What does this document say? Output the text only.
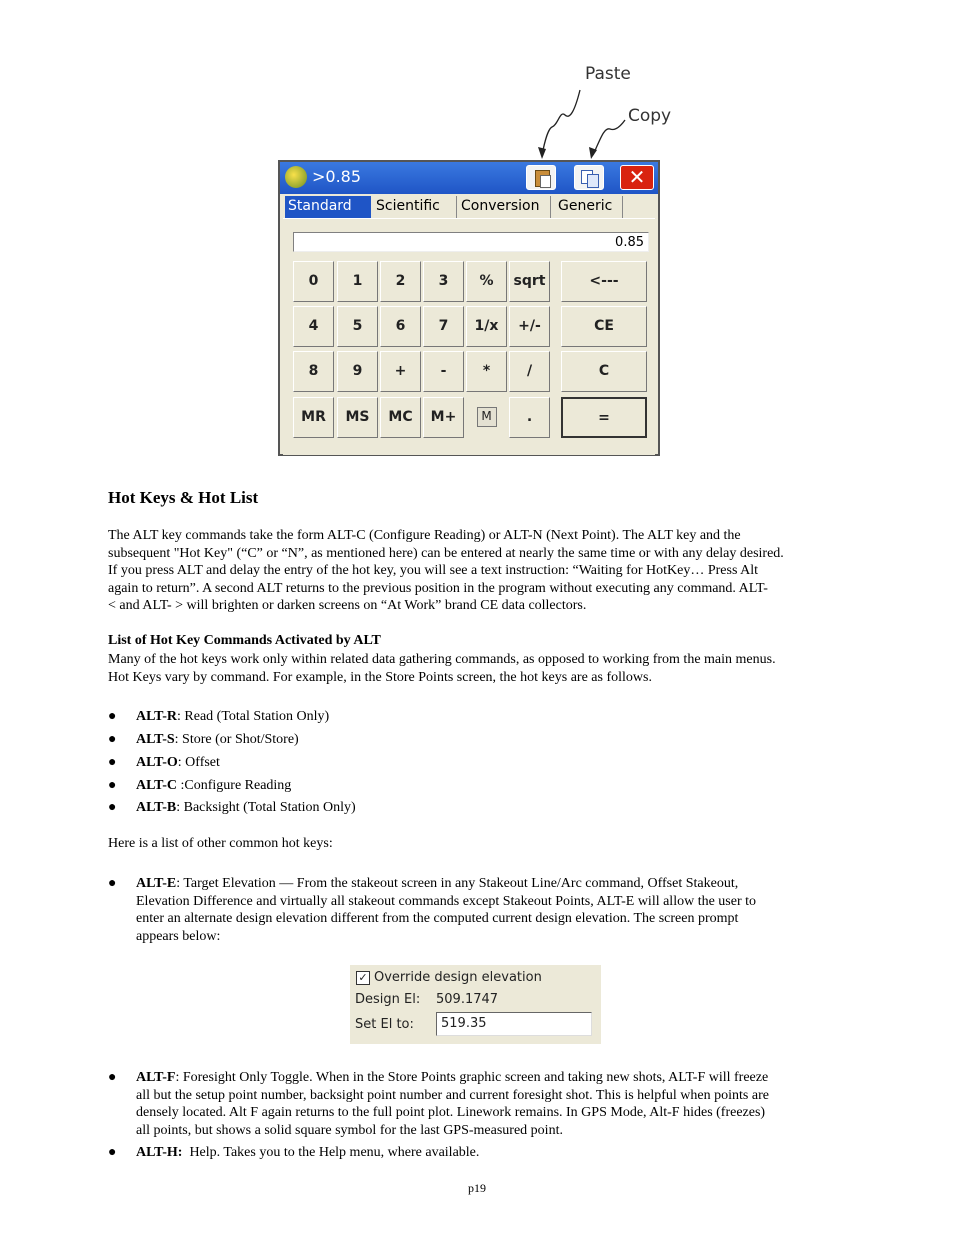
Paste
Copy
>0.85	✕
Standard	Scientific	Conversion	Generic
0.85
0	1	2	3	%	sqrt	<---
4	5	6	7	1/x	+/-	CE
8	9	+	-	*	/	C
MR	MS	MC	M+	M	.	=
Hot Keys & Hot List
The ALT key commands take the form ALT-C (Configure Reading) or ALT-N (Next Point). The ALT key and the
subsequent "Hot Key" (“C” or “N”, as mentioned here) can be entered at nearly the same time or with any delay desired.
If you press ALT and delay the entry of the hot key, you will see a text instruction: “Waiting for HotKey… Press Alt
again to return”. A second ALT returns to the previous position in the program without executing any command. ALT-
< and ALT- > will brighten or darken screens on “At Work” brand CE data collectors.
List of Hot Key Commands Activated by ALT
Many of the hot keys work only within related data gathering commands, as opposed to working from the main menus.
Hot Keys vary by command. For example, in the Store Points screen, the hot keys are as follows.
● ALT-R: Read (Total Station Only)
● ALT-S: Store (or Shot/Store)
● ALT-O: Offset
● ALT-C :Configure Reading
● ALT-B: Backsight (Total Station Only)
Here is a list of other common hot keys:
● ALT-E: Target Elevation — From the stakeout screen in any Stakeout Line/Arc command, Offset Stakeout,
Elevation Difference and virtually all stakeout commands except Stakeout Points, ALT-E will allow the user to
enter an alternate design elevation different from the computed current design elevation. The screen prompt
appears below:
✓ Override design elevation
Design El: 509.1747
Set El to:	519.35
● ALT-F: Foresight Only Toggle. When in the Store Points graphic screen and taking new shots, ALT-F will freeze
all but the setup point number, backsight point number and current foresight shot. This is helpful when points are
densely located. Alt F again returns to the full point plot. Linework remains. In GPS Mode, Alt-F hides (freezes)
all points, but shows a solid square symbol for the last GPS-measured point.
● ALT-H:  Help. Takes you to the Help menu, where available.
p19
